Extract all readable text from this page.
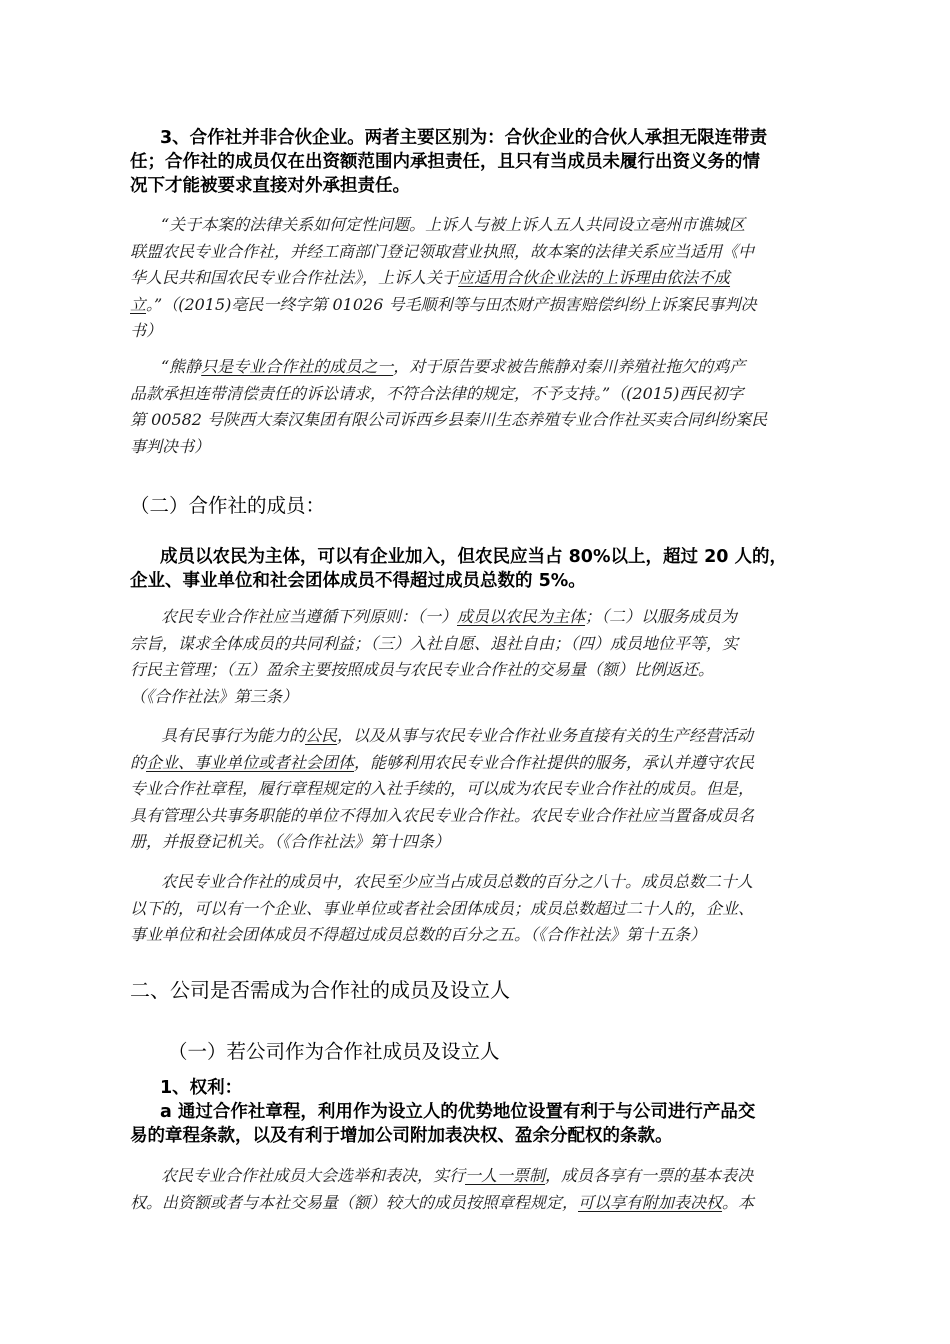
3、合作社并非合伙企业。两者主要区别为：合伙企业的合伙人承担无限连带责
任；合作社的成员仅在出资额范围内承担责任，且只有当成员未履行出资义务的情
况下才能被要求直接对外承担责任。
“关于本案的法律关系如何定性问题。上诉人与被上诉人五人共同设立亳州市谯城区
联盟农民专业合作社，并经工商部门登记领取营业执照，故本案的法律关系应当适用《中
华人民共和国农民专业合作社法》，上诉人关于应适用合伙企业法的上诉理由依法不成
立。”（(2015)亳民一终字第 01026 号毛顺利等与田杰财产损害赔偿纠纷上诉案民事判决
书）
“熊静只是专业合作社的成员之一，对于原告要求被告熊静对秦川养殖社拖欠的鸡产
品款承担连带清偿责任的诉讼请求，不符合法律的规定，不予支持。”（(2015)西民初字
第 00582 号陕西大秦汉集团有限公司诉西乡县秦川生态养殖专业合作社买卖合同纠纷案民
事判决书）
（二）合作社的成员：
成员以农民为主体，可以有企业加入，但农民应当占 80%以上，超过 20 人的，
企业、事业单位和社会团体成员不得超过成员总数的 5%。
农民专业合作社应当遵循下列原则：（一）成员以农民为主体；（二）以服务成员为
宗旨，谋求全体成员的共同利益；（三）入社自愿、退社自由；（四）成员地位平等，实
行民主管理；（五）盈余主要按照成员与农民专业合作社的交易量（额）比例返还。
（《合作社法》第三条）
具有民事行为能力的公民，以及从事与农民专业合作社业务直接有关的生产经营活动
的企业、事业单位或者社会团体，能够利用农民专业合作社提供的服务，承认并遵守农民
专业合作社章程，履行章程规定的入社手续的，可以成为农民专业合作社的成员。但是，
具有管理公共事务职能的单位不得加入农民专业合作社。农民专业合作社应当置备成员名
册，并报登记机关。（《合作社法》第十四条）
农民专业合作社的成员中，农民至少应当占成员总数的百分之八十。成员总数二十人
以下的，可以有一个企业、事业单位或者社会团体成员；成员总数超过二十人的，企业、
事业单位和社会团体成员不得超过成员总数的百分之五。（《合作社法》第十五条）
二、公司是否需成为合作社的成员及设立人
（一）若公司作为合作社成员及设立人
1、权利：
a 通过合作社章程，利用作为设立人的优势地位设置有利于与公司进行产品交
易的章程条款，以及有利于增加公司附加表决权、盈余分配权的条款。
农民专业合作社成员大会选举和表决，实行一人一票制，成员各享有一票的基本表决
权。出资额或者与本社交易量（额）较大的成员按照章程规定，可以享有附加表决权。本
